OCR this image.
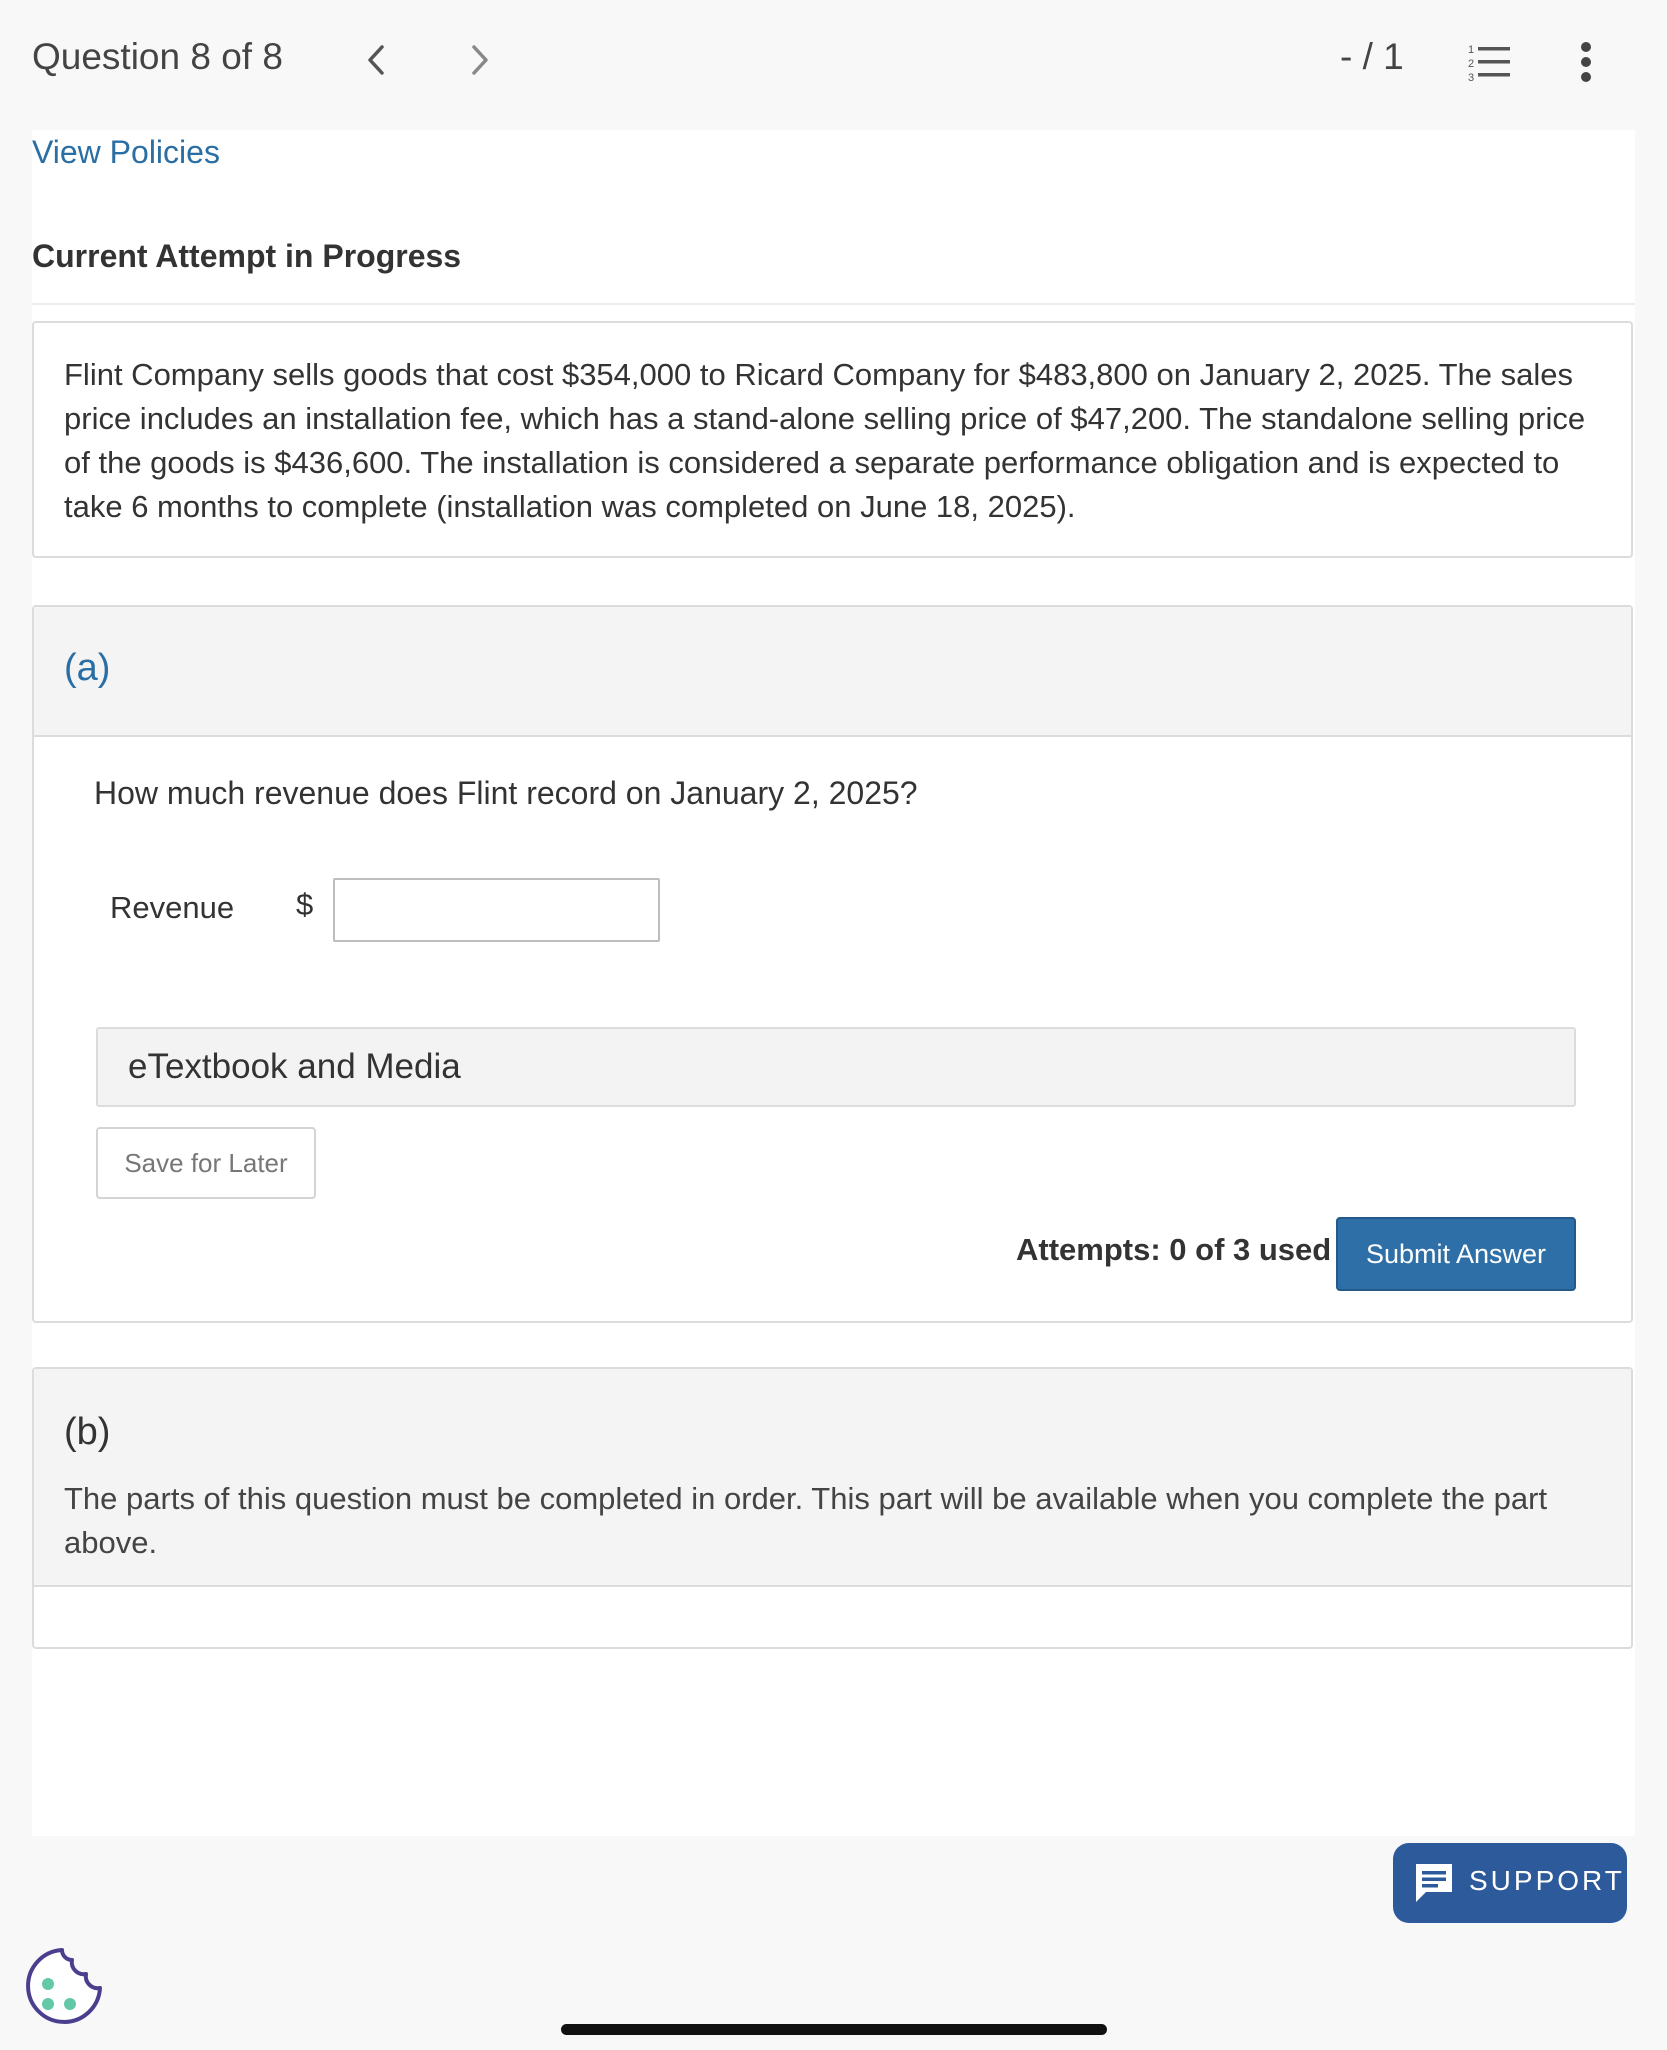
Question 8 of 8	- / 1	1
2
3
View Policies
Current Attempt in Progress
Flint Company sells goods that cost $354,000 to Ricard Company for $483,800 on January 2, 2025. The sales price includes an installation fee, which has a stand-alone selling price of $47,200. The standalone selling price of the goods is $436,600. The installation is considered a separate performance obligation and is expected to take 6 months to complete (installation was completed on June 18, 2025).
(a)
How much revenue does Flint record on January 2, 2025?
Revenue $
eTextbook and Media
Save for Later
Attempts: 0 of 3 used	Submit Answer
(b)
The parts of this question must be completed in order. This part will be available when you complete the part above.
SUPPORT
